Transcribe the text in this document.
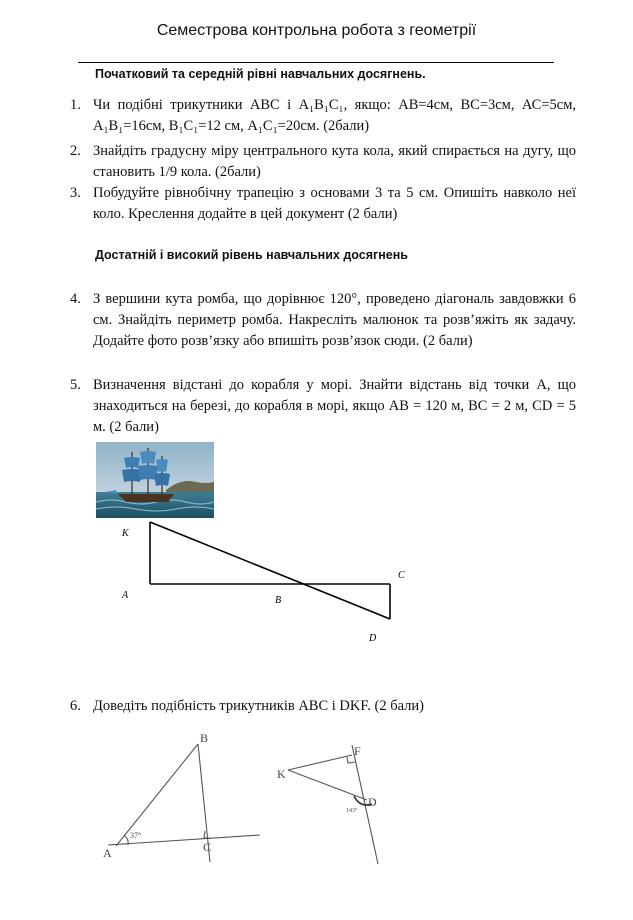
Семестрова контрольна робота з геометрії
Початковий та середній рівні навчальних досягнень.
1. Чи подібні трикутники АВС і А₁В₁С₁, якщо: АВ=4см, ВС=3см, АС=5см, А₁В₁=16см, В₁С₁=12 см, А₁С₁=20см. (2бали)
2. Знайдіть градусну міру центрального кута кола, який спирається на дугу, що становить 1/9 кола. (2бали)
3. Побудуйте рівнобічну трапецію з основами 3 та 5 см. Опишіть навколо неї коло. Креслення додайте в цей документ (2 бали)
Достатній і високий рівень навчальних досягнень
4. З вершини кута ромба, що дорівнює 120°, проведено діагональ завдовжки 6 см. Знайдіть периметр ромба. Накресліть малюнок та розв’яжіть як задачу. Додайте фото розв’язку або впишіть розв’язок сюди. (2 бали)
5. Визначення відстані до корабля у морі. Знайти відстань від точки A, що знаходиться на березі, до корабля в морі, якщо AB = 120 м, BC = 2 м, CD = 5 м. (2 бали)
K
A	B
C
D
6. Доведіть подібність трикутників АВС і DKF. (2 бали)
37°
A
B
C
143°
K
F
D
